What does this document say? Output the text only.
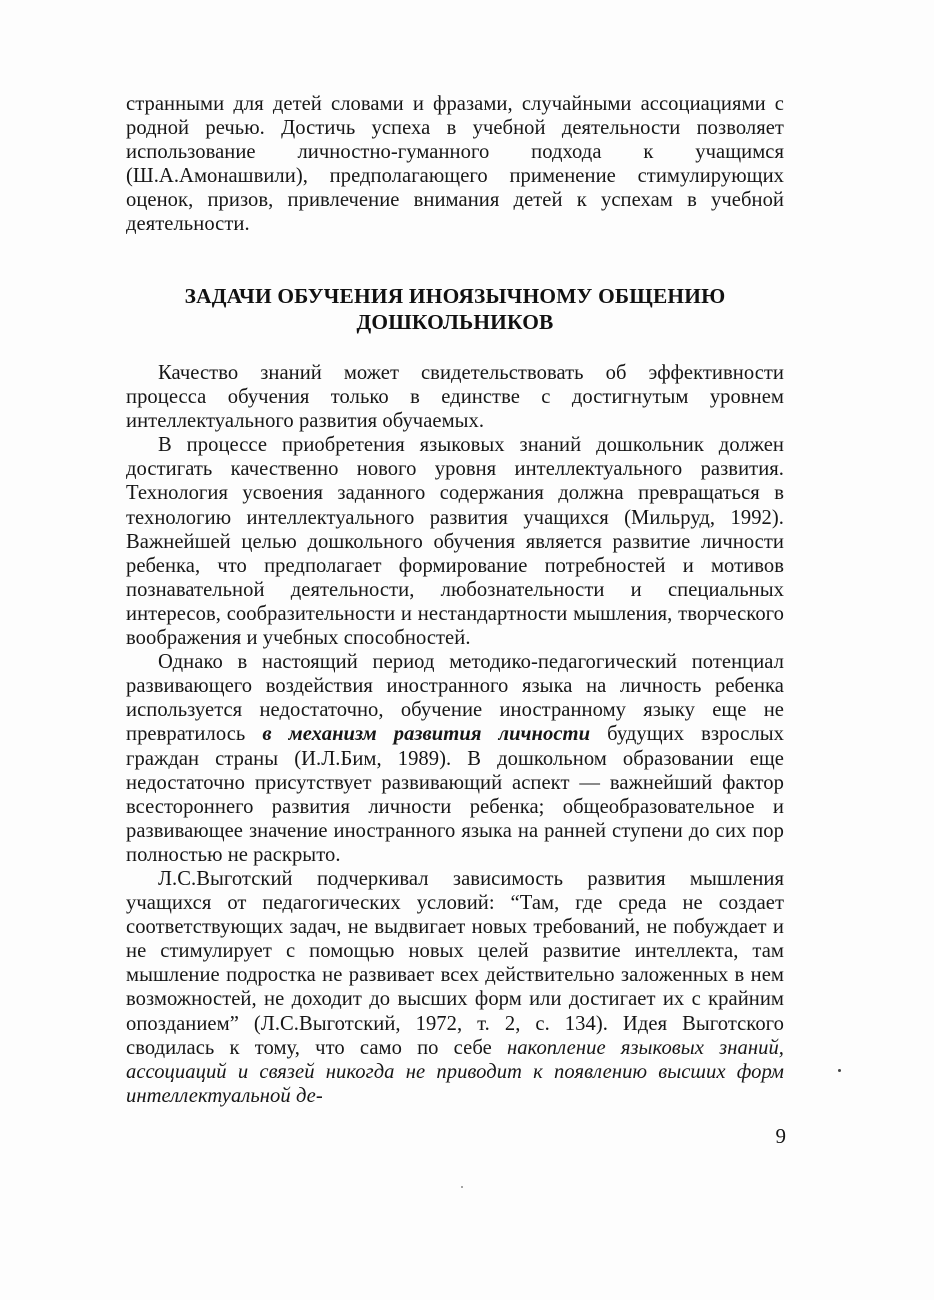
странными для детей словами и фразами, случайными ассоциациями с родной речью. Достичь успеха в учебной деятельности позволяет использование личностно-гуманного подхода к учащимся (Ш.А.Амонашвили), предполагающего применение стимулирующих оценок, призов, привлечение внимания детей к успехам в учебной деятельности.

ЗАДАЧИ ОБУЧЕНИЯ ИНОЯЗЫЧНОМУ ОБЩЕНИЮ
ДОШКОЛЬНИКОВ

Качество знаний может свидетельствовать об эффективности процесса обучения только в единстве с достигнутым уровнем интеллектуального развития обучаемых.

В процессе приобретения языковых знаний дошкольник должен достигать качественно нового уровня интеллектуального развития. Технология усвоения заданного содержания должна превращаться в технологию интеллектуального развития учащихся (Мильруд, 1992). Важнейшей целью дошкольного обучения является развитие личности ребенка, что предполагает формирование потребностей и мотивов познавательной деятельности, любознательности и специальных интересов, сообразительности и нестандартности мышления, творческого воображения и учебных способностей.

Однако в настоящий период методико-педагогический потенциал развивающего воздействия иностранного языка на личность ребенка используется недостаточно, обучение иностранному языку еще не превратилось в механизм развития личности будущих взрослых граждан страны (И.Л.Бим, 1989). В дошкольном образовании еще недостаточно присутствует развивающий аспект — важнейший фактор всестороннего развития личности ребенка; общеобразовательное и развивающее значение иностранного языка на ранней ступени до сих пор полностью не раскрыто.

Л.С.Выготский подчеркивал зависимость развития мышления учащихся от педагогических условий: “Там, где среда не создает соответствующих задач, не выдвигает новых требований, не побуждает и не стимулирует с помощью новых целей развитие интеллекта, там мышление подростка не развивает всех действительно заложенных в нем возможностей, не доходит до высших форм или достигает их с крайним опозданием” (Л.С.Выготский, 1972, т. 2, с. 134). Идея Выготского сводилась к тому, что само по себе накопление языковых знаний, ассоциаций и связей никогда не приводит к появлению высших форм интеллектуальной де-

9
